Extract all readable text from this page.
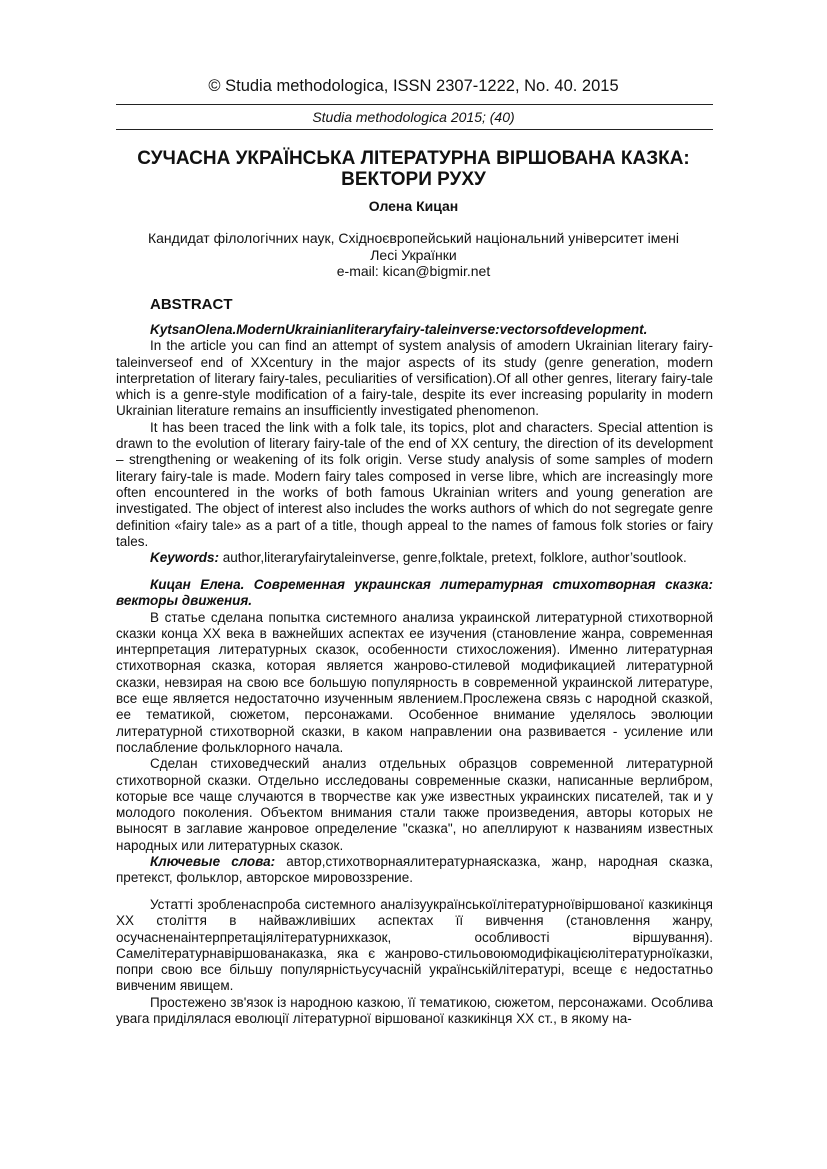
© Studia methodologica, ISSN 2307-1222, No. 40. 2015
Studia methodologica 2015; (40)
СУЧАСНА УКРАЇНСЬКА ЛІТЕРАТУРНА ВІРШОВАНА КАЗКА:
ВЕКТОРИ РУХУ
Олена Кицан
Кандидат філологічних наук, Східноєвропейський національний університет імені
Лесі Українки
e-mail: kican@bigmir.net
ABSTRACT

KytsanOlena.ModernUkrainianliteraryfairy-taleinverse:vectorsofdevelopment.

In the article you can find an attempt of system analysis of amodern Ukrainian literary fairy-taleinverseof end of XXcentury in the major aspects of its study (genre generation, modern interpretation of literary fairy-tales, peculiarities of versification).Of all other genres, literary fairy-tale which is a genre-style modification of a fairy-tale, despite its ever increasing popularity in modern Ukrainian literature remains an insufficiently investigated phenomenon.

It has been traced the link with a folk tale, its topics, plot and characters. Special attention is drawn to the evolution of literary fairy-tale of the end of XX century, the direction of its development – strengthening or weakening of its folk origin. Verse study analysis of some samples of modern literary fairy-tale is made. Modern fairy tales composed in verse libre, which are increasingly more often encountered in the works of both famous Ukrainian writers and young generation are investigated. The object of interest also includes the works authors of which do not segregate genre definition «fairy tale» as a part of a title, though appeal to the names of famous folk stories or fairy tales.

Keywords: author,literaryfairytaleinverse, genre,folktale, pretext, folklore, author’soutlook.

Кицан Елена. Современная украинская литературная стихотворная сказка: векторы движения.

В статье сделана попытка системного анализа украинской литературной стихотворной сказки конца ХХ века в важнейших аспектах ее изучения (становление жанра, современная интерпретация литературных сказок, особенности стихосложения). Именно литературная стихотворная сказка, которая является жанрово-стилевой модификацией литературной сказки, невзирая на свою все большую популярность в современной украинской литературе, все еще является недостаточно изученным явлением.Прослежена связь с народной сказкой, ее тематикой, сюжетом, персонажами. Особенное внимание уделялось эволюции литературной стихотворной сказки, в каком направлении она развивается - усиление или послабление фольклорного начала.

Сделан стиховедческий анализ отдельных образцов современной литературной стихотворной сказки. Отдельно исследованы современные сказки, написанные верлибром, которые все чаще случаются в творчестве как уже известных украинских писателей, так и у молодого поколения. Объектом внимания стали также произведения, авторы которых не выносят в заглавие жанровое определение "сказка", но апеллируют к названиям известных народных или литературных сказок.

Ключевые слова: автор,стихотворнаялитературнаясказка, жанр, народная сказка, претекст, фольклор, авторское мировоззрение.

Устатті зробленаспроба системного аналізуукраїнськоїлітературноївіршованої казкикінця ХХ століття в найважливіших аспектах її вивчення (становлення жанру, осучасненаінтерпретаціялітературнихказок, особливості віршування). Самелітературнавіршованаказка, яка є жанрово-стильовоюмодифікацієюлітературноїказки, попри свою все більшу популярністьусучасній українськійлітературі, всеще є недостатньо вивченим явищем.

Простежено зв'язок із народною казкою, її тематикою, сюжетом, персонажами. Особлива увага приділялася еволюції літературної віршованої казкикінця ХХ ст., в якому на-
